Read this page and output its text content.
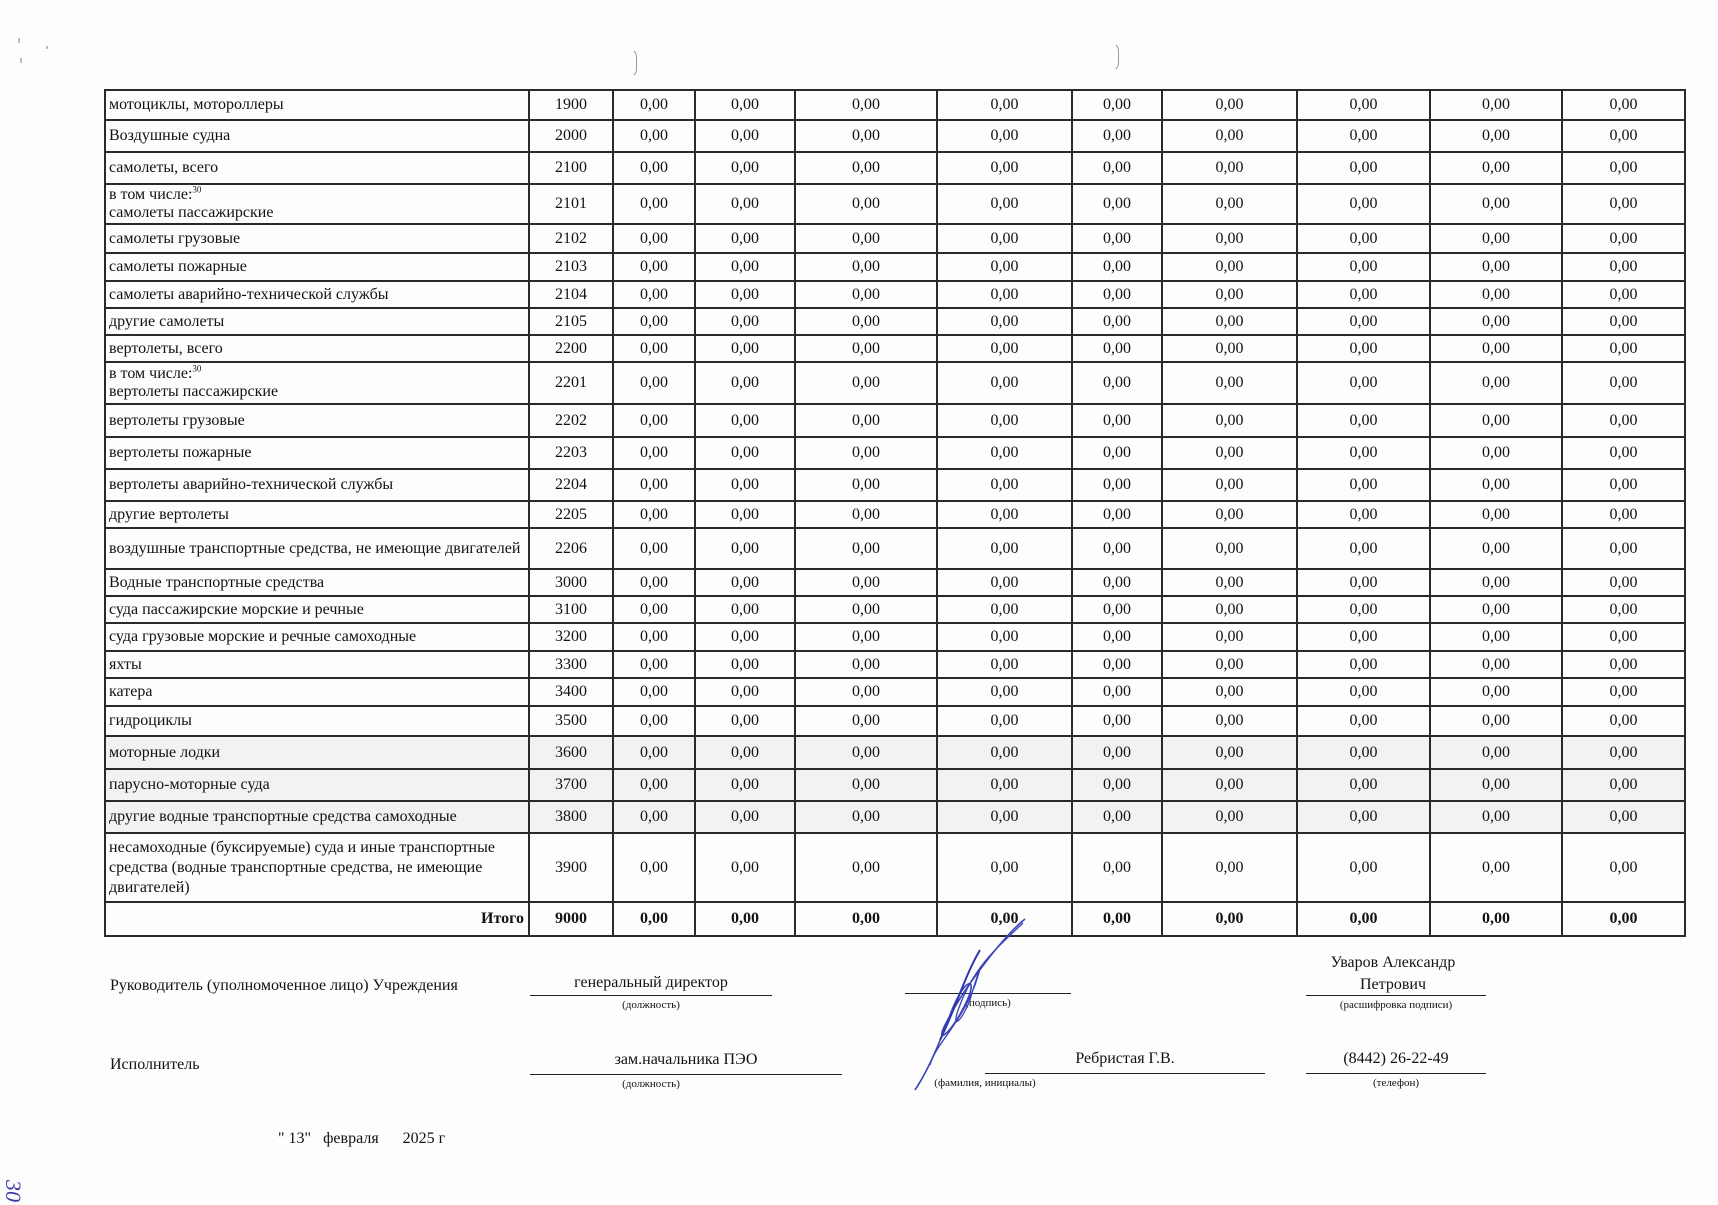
мотоциклы, мотороллеры	1900	0,00	0,00	0,00	0,00	0,00	0,00	0,00	0,00	0,00
Воздушные судна	2000	0,00	0,00	0,00	0,00	0,00	0,00	0,00	0,00	0,00
самолеты, всего	2100	0,00	0,00	0,00	0,00	0,00	0,00	0,00	0,00	0,00
в том числе:$^{30}$
самолеты пассажирские	2101	0,00	0,00	0,00	0,00	0,00	0,00	0,00	0,00	0,00
самолеты грузовые	2102	0,00	0,00	0,00	0,00	0,00	0,00	0,00	0,00	0,00
самолеты пожарные	2103	0,00	0,00	0,00	0,00	0,00	0,00	0,00	0,00	0,00
самолеты аварийно-технической службы	2104	0,00	0,00	0,00	0,00	0,00	0,00	0,00	0,00	0,00
другие самолеты	2105	0,00	0,00	0,00	0,00	0,00	0,00	0,00	0,00	0,00
вертолеты, всего	2200	0,00	0,00	0,00	0,00	0,00	0,00	0,00	0,00	0,00
в том числе:$^{30}$
вертолеты пассажирские	2201	0,00	0,00	0,00	0,00	0,00	0,00	0,00	0,00	0,00
вертолеты грузовые	2202	0,00	0,00	0,00	0,00	0,00	0,00	0,00	0,00	0,00
вертолеты пожарные	2203	0,00	0,00	0,00	0,00	0,00	0,00	0,00	0,00	0,00
вертолеты аварийно-технической службы	2204	0,00	0,00	0,00	0,00	0,00	0,00	0,00	0,00	0,00
другие вертолеты	2205	0,00	0,00	0,00	0,00	0,00	0,00	0,00	0,00	0,00
воздушные транспортные средства, не имеющие двигателей	2206	0,00	0,00	0,00	0,00	0,00	0,00	0,00	0,00	0,00
Водные транспортные средства	3000	0,00	0,00	0,00	0,00	0,00	0,00	0,00	0,00	0,00
суда пассажирские морские и речные	3100	0,00	0,00	0,00	0,00	0,00	0,00	0,00	0,00	0,00
суда грузовые морские и речные самоходные	3200	0,00	0,00	0,00	0,00	0,00	0,00	0,00	0,00	0,00
яхты	3300	0,00	0,00	0,00	0,00	0,00	0,00	0,00	0,00	0,00
катера	3400	0,00	0,00	0,00	0,00	0,00	0,00	0,00	0,00	0,00
гидроциклы	3500	0,00	0,00	0,00	0,00	0,00	0,00	0,00	0,00	0,00
моторные лодки	3600	0,00	0,00	0,00	0,00	0,00	0,00	0,00	0,00	0,00
парусно-моторные суда	3700	0,00	0,00	0,00	0,00	0,00	0,00	0,00	0,00	0,00
другие водные транспортные средства самоходные	3800	0,00	0,00	0,00	0,00	0,00	0,00	0,00	0,00	0,00
несамоходные (буксируемые) суда и иные транспортные средства (водные транспортные средства, не имеющие двигателей)	3900	0,00	0,00	0,00	0,00	0,00	0,00	0,00	0,00	0,00
Итого	9000	0,00	0,00	0,00	0,00	0,00	0,00	0,00	0,00	0,00
Руководитель (уполномоченное лицо) Учреждения	генеральный директор
(должность)	(подпись)
Уваров Александр Петрович
(расшифровка подписи)
Исполнитель	зам.начальника ПЭО
(должность)
Ребристая Г.В.
(фамилия, инициалы)
(8442) 26-22-49
(телефон)
" 13" февраля 2025 г
30
